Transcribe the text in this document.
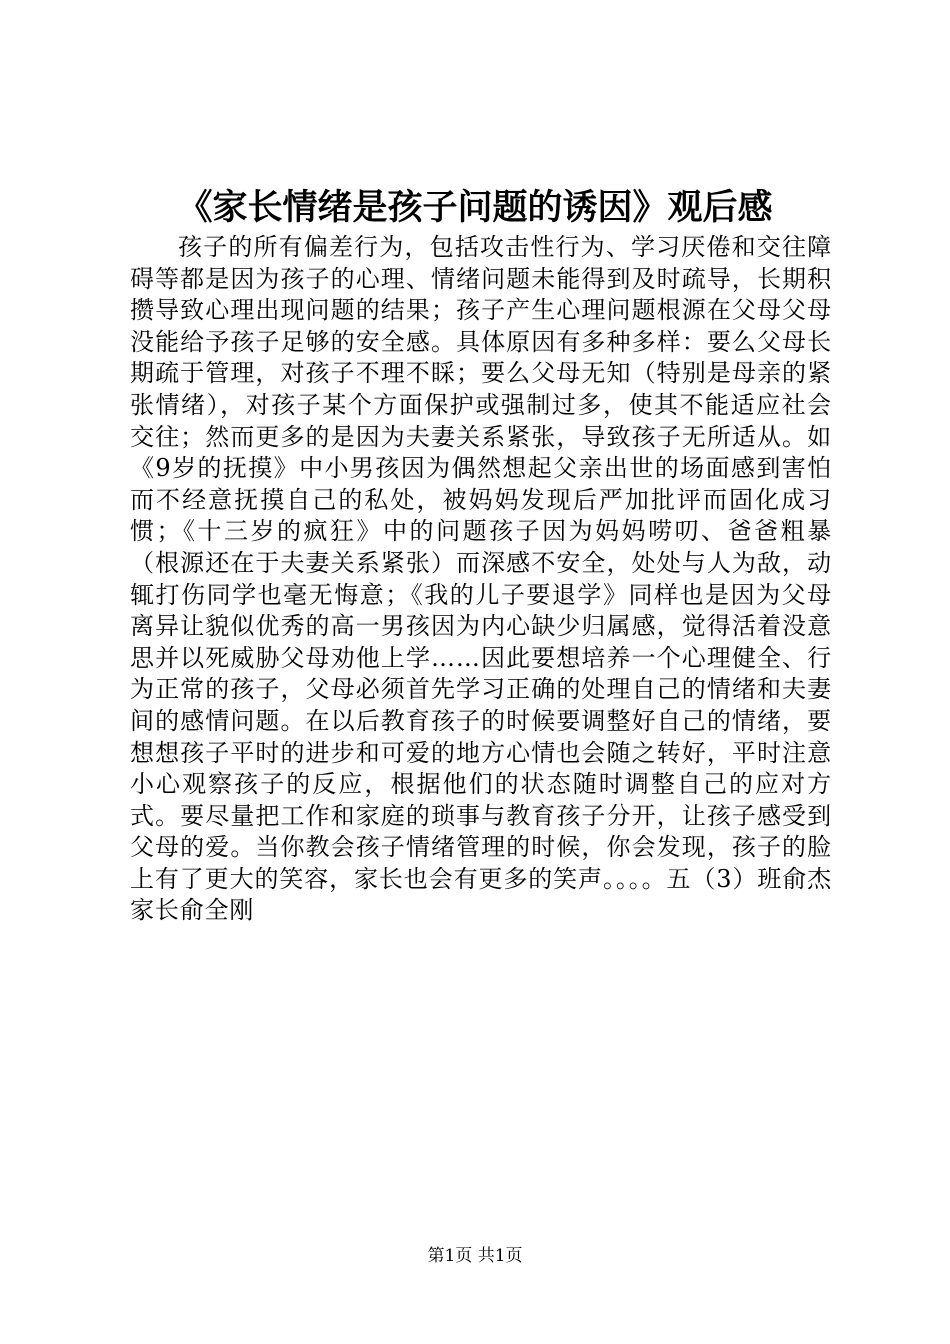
《家长情绪是孩子问题的诱因》观后感
孩子的所有偏差行为，包括攻击性行为、学习厌倦和交往障碍等都是因为孩子的心理、情绪问题未能得到及时疏导，长期积攒导致心理出现问题的结果；孩子产生心理问题根源在父母父母没能给予孩子足够的安全感。具体原因有多种多样：要么父母长期疏于管理，对孩子不理不睬；要么父母无知（特别是母亲的紧张情绪），对孩子某个方面保护或强制过多，使其不能适应社会交往；然而更多的是因为夫妻关系紧张，导致孩子无所适从。如《9岁的抚摸》中小男孩因为偶然想起父亲出世的场面感到害怕而不经意抚摸自己的私处，被妈妈发现后严加批评而固化成习惯；《十三岁的疯狂》中的问题孩子因为妈妈唠叨、爸爸粗暴（根源还在于夫妻关系紧张）而深感不安全，处处与人为敌，动辄打伤同学也毫无悔意；《我的儿子要退学》同样也是因为父母离异让貌似优秀的高一男孩因为内心缺少归属感，觉得活着没意思并以死威胁父母劝他上学……因此要想培养一个心理健全、行为正常的孩子，父母必须首先学习正确的处理自己的情绪和夫妻间的感情问题。在以后教育孩子的时候要调整好自己的情绪，要想想孩子平时的进步和可爱的地方心情也会随之转好，平时注意小心观察孩子的反应，根据他们的状态随时调整自己的应对方式。要尽量把工作和家庭的琐事与教育孩子分开，让孩子感受到父母的爱。当你教会孩子情绪管理的时候，你会发现，孩子的脸上有了更大的笑容，家长也会有更多的笑声。。。。五（3）班俞杰家长俞全刚
第1页 共1页
